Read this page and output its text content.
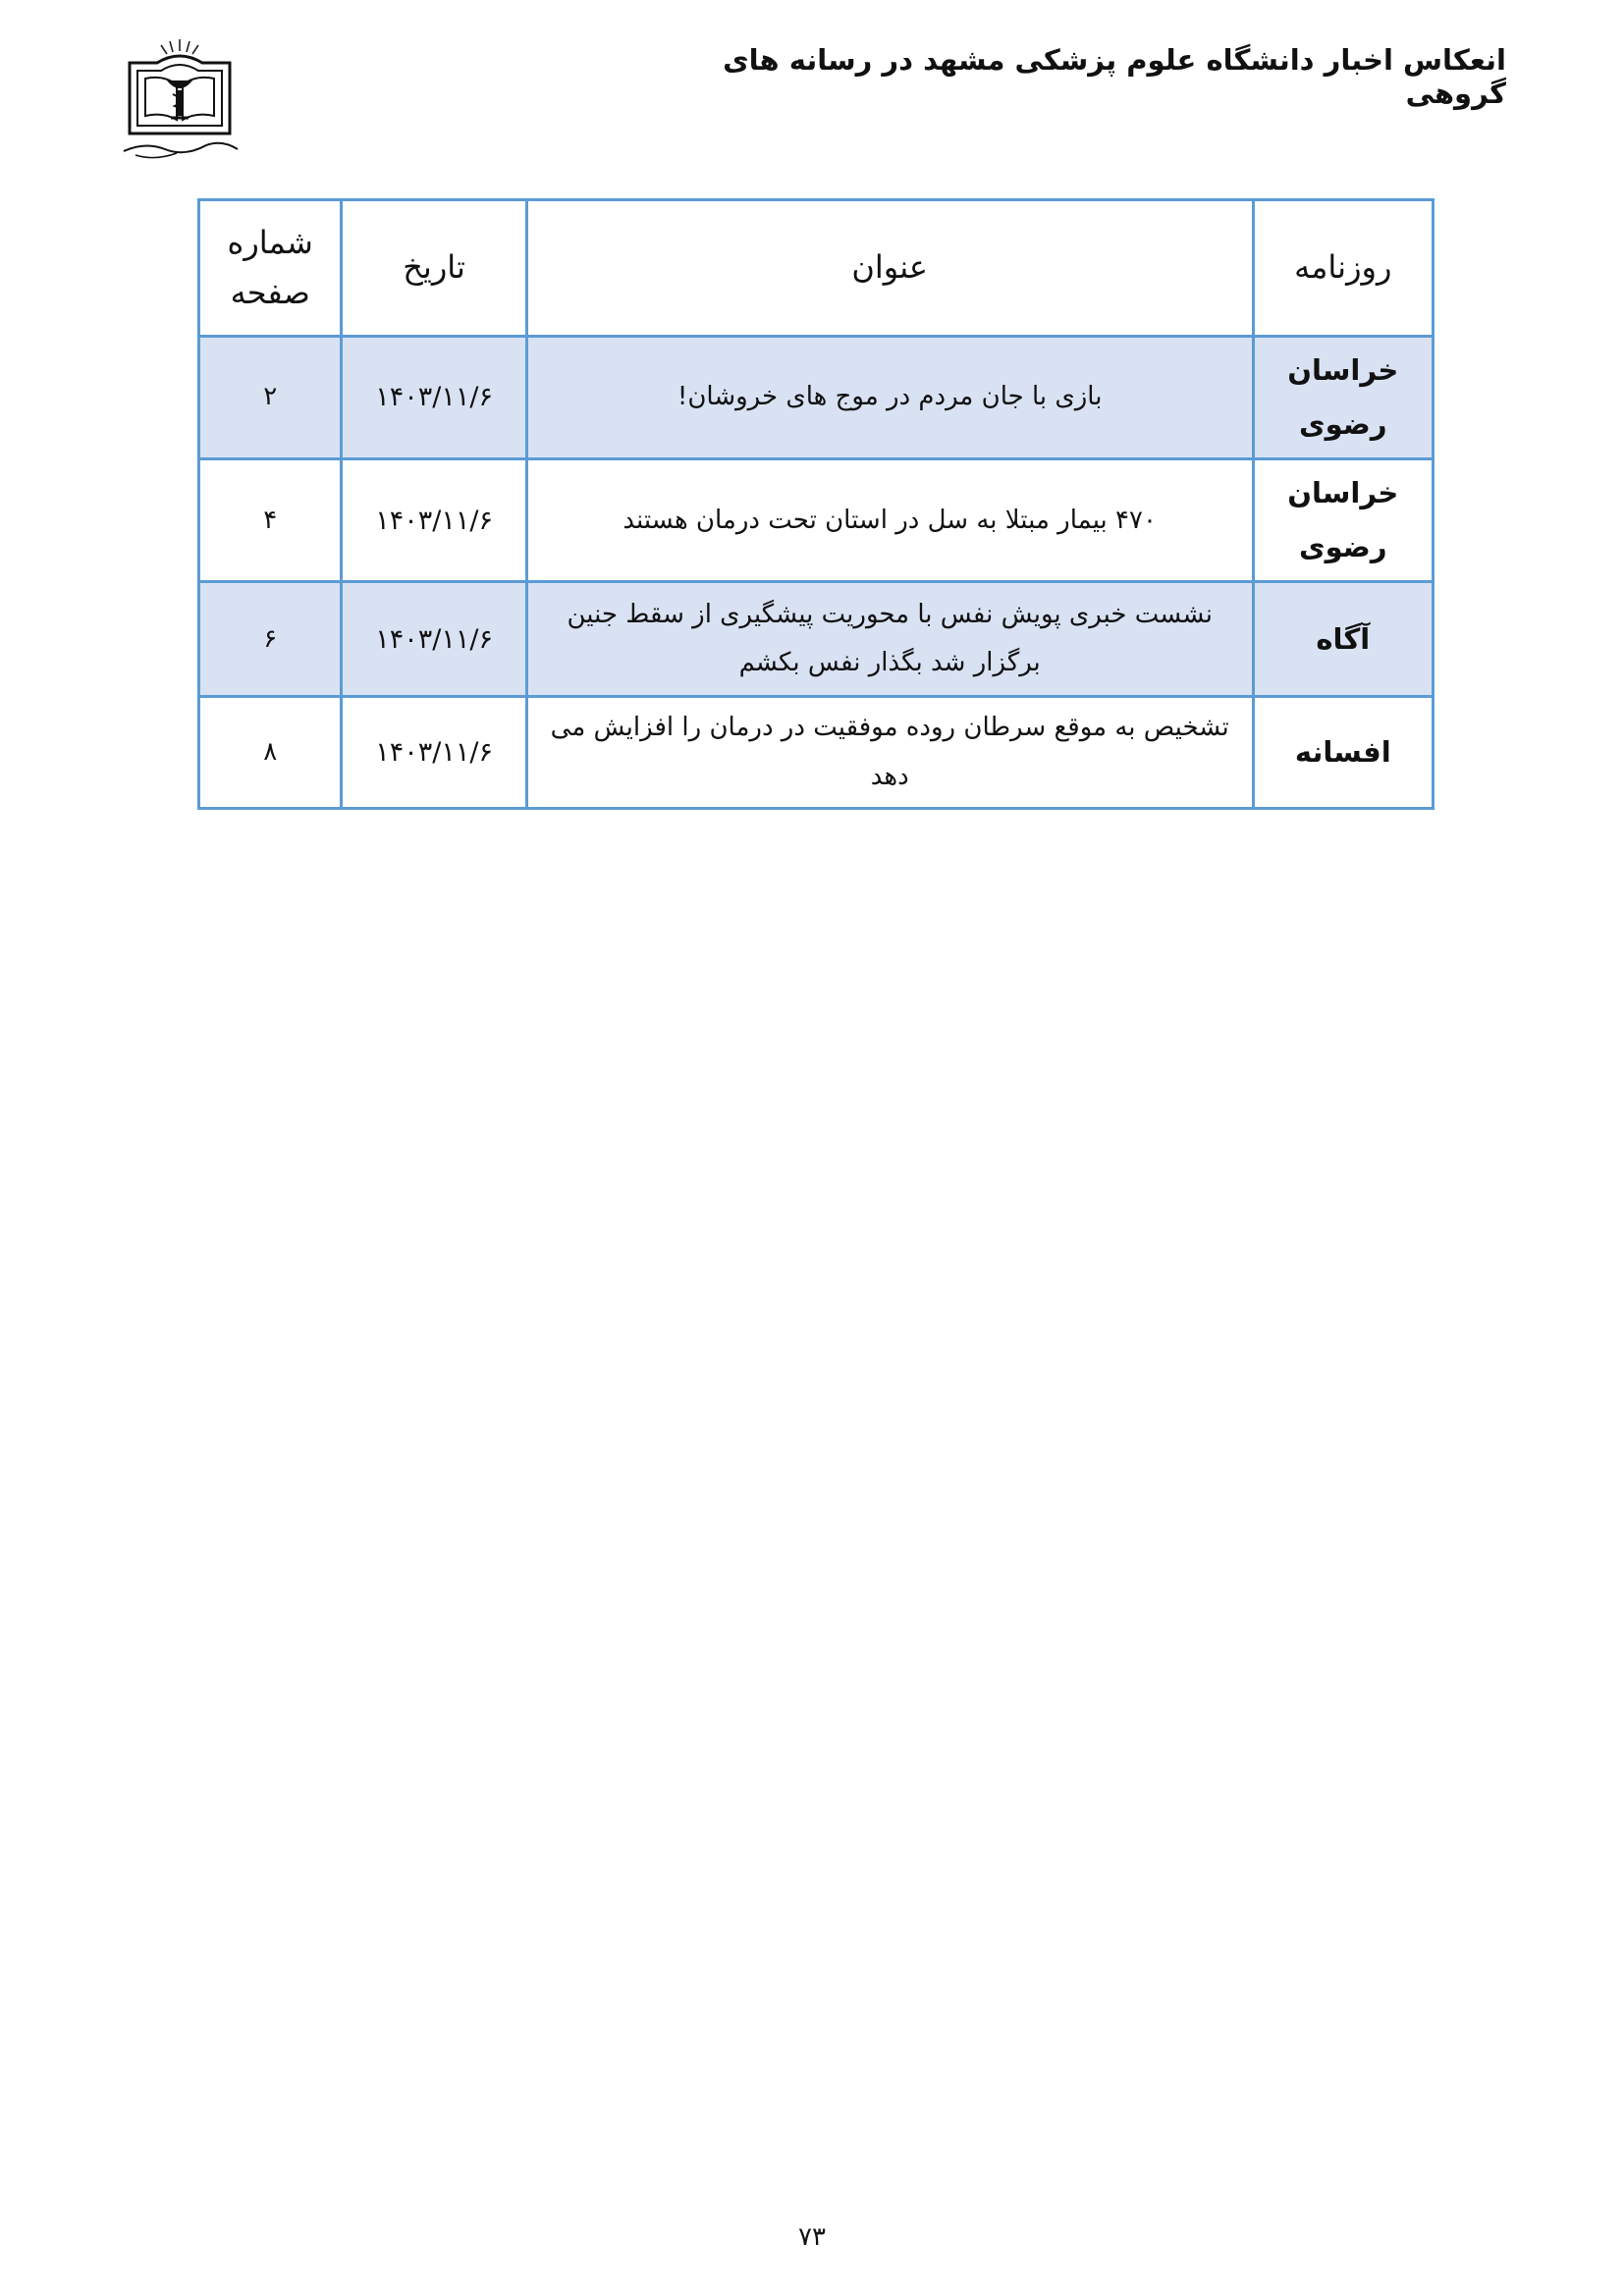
انعکاس اخبار دانشگاه علوم پزشکی مشهد در رسانه های گروهی
روزنامه	عنوان	تاریخ	شماره صفحه
خراسان رضوی	بازی با جان مردم در موج های خروشان!	۱۴۰۳/۱۱/۶	۲
خراسان رضوی	۴۷۰ بیمار مبتلا به سل در استان تحت درمان هستند	۱۴۰۳/۱۱/۶	۴
آگاه	نشست خبری پویش نفس با محوریت پیشگیری از سقط جنین برگزار شد بگذار نفس بکشم	۱۴۰۳/۱۱/۶	۶
افسانه	تشخیص به موقع سرطان روده موفقیت در درمان را افزایش می دهد	۱۴۰۳/۱۱/۶	۸
۷۳
